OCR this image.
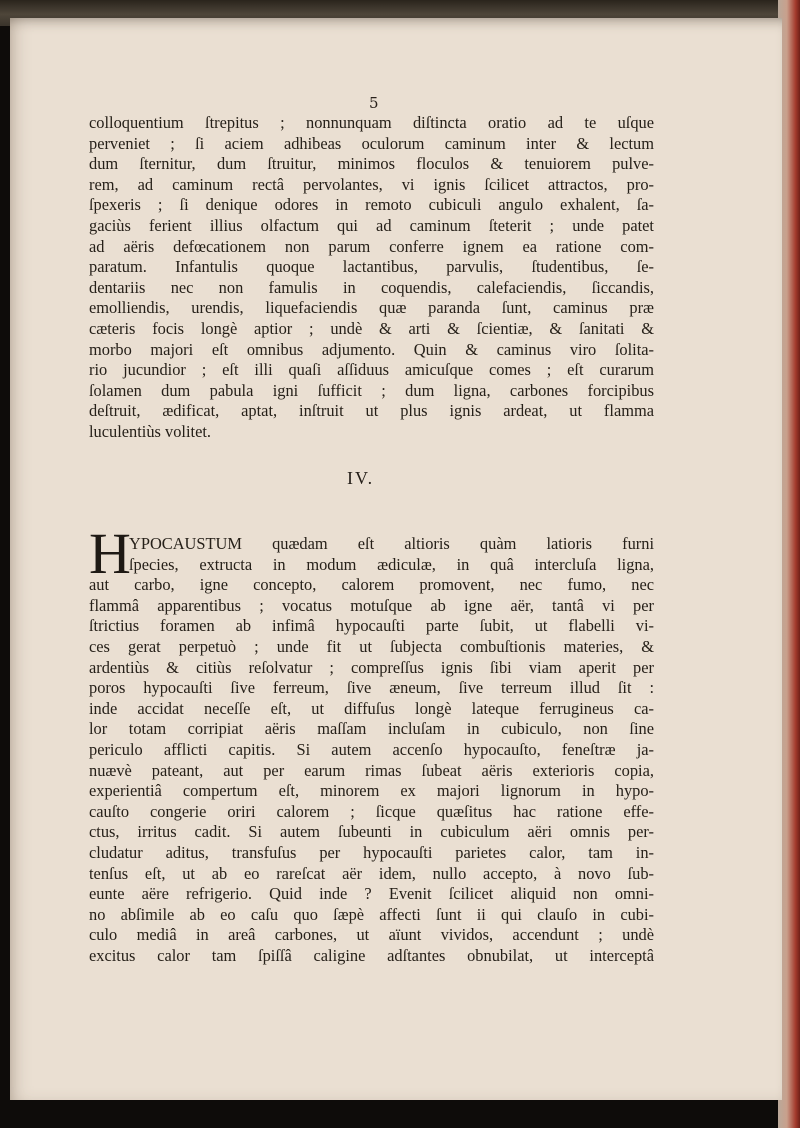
5
colloquentium ſtrepitus ; nonnunquam diſtincta oratio ad te uſque
perveniet ; ſi aciem adhibeas oculorum caminum inter & lectum
dum ſternitur, dum ſtruitur, minimos floculos & tenuiorem pulve-
rem, ad caminum rectâ pervolantes, vi ignis ſcilicet attractos, pro-
ſpexeris ; ſi denique odores in remoto cubiculi angulo exhalent, ſa-
gaciùs ferient illius olfactum qui ad caminum ſteterit ; unde patet
ad aëris defœcationem non parum conferre ignem ea ratione com-
paratum. Infantulis quoque lactantibus, parvulis, ſtudentibus, ſe-
dentariis nec non famulis in coquendis, calefaciendis, ſiccandis,
emolliendis, urendis, liquefaciendis quæ paranda ſunt, caminus præ
cæteris focis longè aptior ; undè & arti & ſcientiæ, & ſanitati &
morbo majori eſt omnibus adjumento. Quin & caminus viro ſolita-
rio jucundior ; eſt illi quaſi aſſiduus amicuſque comes ; eſt curarum
ſolamen dum pabula igni ſufficit ; dum ligna, carbones forcipibus
deſtruit, ædificat, aptat, inſtruit ut plus ignis ardeat, ut flamma
luculentiùs volitet.
IV.
H
YPOCAUSTUM quædam eſt altioris quàm latioris furni
ſpecies, extructa in modum ædiculæ, in quâ intercluſa ligna,
aut carbo, igne concepto, calorem promovent, nec fumo, nec
flammâ apparentibus ; vocatus motuſque ab igne aër, tantâ vi per
ſtrictius foramen ab infimâ hypocauſti parte ſubit, ut flabelli vi-
ces gerat perpetuò ; unde fit ut ſubjecta combuſtionis materies, &
ardentiùs & citiùs reſolvatur ; compreſſus ignis ſibi viam aperit per
poros hypocauſti ſive ferreum, ſive æneum, ſive terreum illud ſit :
inde accidat neceſſe eſt, ut diffuſus longè lateque ferrugineus ca-
lor totam corripiat aëris maſſam incluſam in cubiculo, non ſine
periculo afflicti capitis. Si autem accenſo hypocauſto, feneſtræ ja-
nuævè pateant, aut per earum rimas ſubeat aëris exterioris copia,
experientiâ compertum eſt, minorem ex majori lignorum in hypo-
cauſto congerie oriri calorem ; ſicque quæſitus hac ratione effe-
ctus, irritus cadit. Si autem ſubeunti in cubiculum aëri omnis per-
cludatur aditus, transfuſus per hypocauſti parietes calor, tam in-
tenſus eſt, ut ab eo rareſcat aër idem, nullo accepto, à novo ſub-
eunte aëre refrigerio. Quid inde ? Evenit ſcilicet aliquid non omni-
no abſimile ab eo caſu quo ſæpè affecti ſunt ii qui clauſo in cubi-
culo mediâ in areâ carbones, ut aïunt vividos, accendunt ; undè
excitus calor tam ſpiſſâ caligine adſtantes obnubilat, ut interceptâ
